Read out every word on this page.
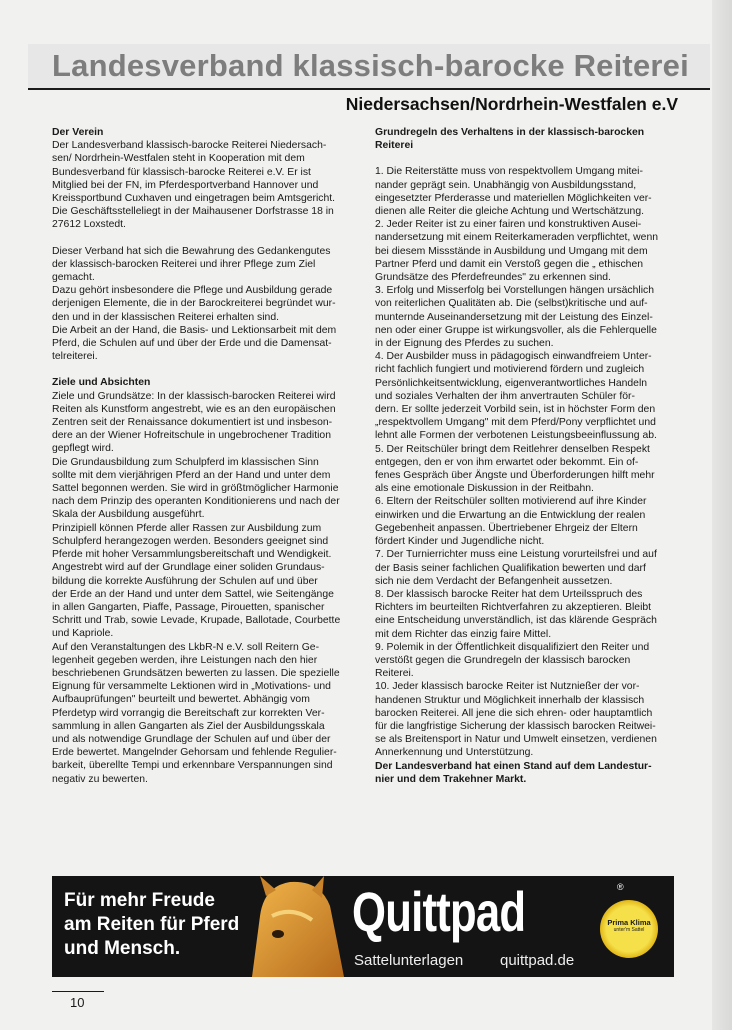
Landesverband klassisch-barocke Reiterei
Niedersachsen/Nordrhein-Westfalen e.V

Der Verein

Der Landesverband klassisch-barocke Reiterei Niedersach-
sen/ Nordrhein-Westfalen steht in Kooperation mit dem
Bundesverband für klassisch-barocke Reiterei e.V. Er ist
Mitglied bei der FN, im Pferdesportverband Hannover und
Kreissportbund Cuxhaven und eingetragen beim Amtsgericht.
Die Geschäftsstelleliegt in der Maihausener Dorfstrasse 18 in
27612 Loxstedt.

Dieser Verband hat sich die Bewahrung des Gedankengutes
der klassisch-barocken Reiterei und ihrer Pflege zum Ziel
gemacht.
Dazu gehört insbesondere die Pflege und Ausbildung gerade
derjenigen Elemente, die in der Barockreiterei begründet wur-
den und in der klassischen Reiterei erhalten sind.
Die Arbeit an der Hand, die Basis- und Lektionsarbeit mit dem
Pferd, die Schulen auf und über der Erde und die Damensat-
telreiterei.

Ziele und Absichten

Ziele und Grundsätze: In der klassisch-barocken Reiterei wird
Reiten als Kunstform angestrebt, wie es an den europäischen
Zentren seit der Renaissance dokumentiert ist und insbeson-
dere an der Wiener Hofreitschule in ungebrochener Tradition
gepflegt wird.
Die Grundausbildung zum Schulpferd im klassischen Sinn
sollte mit dem vierjährigen Pferd an der Hand und unter dem
Sattel begonnen werden. Sie wird in größtmöglicher Harmonie
nach dem Prinzip des operanten Konditionierens und nach der
Skala der Ausbildung ausgeführt.
Prinzipiell können Pferde aller Rassen zur Ausbildung zum
Schulpferd herangezogen werden. Besonders geeignet sind
Pferde mit hoher Versammlungsbereitschaft und Wendigkeit.
Angestrebt wird auf der Grundlage einer soliden Grundaus-
bildung die korrekte Ausführung der Schulen auf und über
der Erde an der Hand und unter dem Sattel, wie Seitengänge
in allen Gangarten, Piaffe, Passage, Pirouetten, spanischer
Schritt und Trab, sowie Levade, Krupade, Ballotade, Courbette
und Kapriole.
Auf den Veranstaltungen des LkbR-N e.V. soll Reitern Ge-
legenheit gegeben werden, ihre Leistungen nach den hier
beschriebenen Grundsätzen bewerten zu lassen. Die spezielle
Eignung für versammelte Lektionen wird in „Motivations- und
Aufbauprüfungen" beurteilt und bewertet. Abhängig vom
Pferdetyp wird vorrangig die Bereitschaft zur korrekten Ver-
sammlung in allen Gangarten als Ziel der Ausbildungsskala
und als notwendige Grundlage der Schulen auf und über der
Erde bewertet. Mangelnder Gehorsam und fehlende Regulier-
barkeit, überellte Tempi und erkennbare Verspannungen sind
negativ zu bewerten.

Grundregeln des Verhaltens in der klassisch-barocken
Reiterei

1. Die Reiterstätte muss von respektvollem Umgang mitei-
nander geprägt sein. Unabhängig von Ausbildungsstand,
eingesetzter Pferderasse und materiellen Möglichkeiten ver-
dienen alle Reiter die gleiche Achtung und Wertschätzung.
2. Jeder Reiter ist zu einer fairen und konstruktiven Ausei-
nandersetzung mit einem Reiterkameraden verpflichtet, wenn
bei diesem Missstände in Ausbildung und Umgang mit dem
Partner Pferd und damit ein Verstoß gegen die „ ethischen
Grundsätze des Pferdefreundes" zu erkennen sind.
3. Erfolg und Misserfolg bei Vorstellungen hängen ursächlich
von reiterlichen Qualitäten ab. Die (selbst)kritische und auf-
munternde Auseinandersetzung mit der Leistung des Einzel-
nen oder einer Gruppe ist wirkungsvoller, als die Fehlerquelle
in der Eignung des Pferdes zu suchen.
4. Der Ausbilder muss in pädagogisch einwandfreiem Unter-
richt fachlich fungiert und motivierend fördern und zugleich
Persönlichkeitsentwicklung, eigenverantwortliches Handeln
und soziales Verhalten der ihm anvertrauten Schüler för-
dern. Er sollte jederzeit Vorbild sein, ist in höchster Form den
„respektvollem Umgang" mit dem Pferd/Pony verpflichtet und
lehnt alle Formen der verbotenen Leistungsbeeinflussung ab.
5. Der Reitschüler bringt dem Reitlehrer denselben Respekt
entgegen, den er von ihm erwartet oder bekommt. Ein of-
fenes Gespräch über Ängste und Überforderungen hilft mehr
als eine emotionale Diskussion in der Reitbahn.
6. Eltern der Reitschüler sollten motivierend auf ihre Kinder
einwirken und die Erwartung an die Entwicklung der realen
Gegebenheit anpassen. Übertriebener Ehrgeiz der Eltern
fördert Kinder und Jugendliche nicht.
7. Der Turnierrichter muss eine Leistung vorurteilsfrei und auf
der Basis seiner fachlichen Qualifikation bewerten und darf
sich nie dem Verdacht der Befangenheit aussetzen.
8. Der klassisch barocke Reiter hat dem Urteilsspruch des
Richters im beurteilten Richtverfahren zu akzeptieren. Bleibt
eine Entscheidung unverständlich, ist das klärende Gespräch
mit dem Richter das einzig faire Mittel.
9. Polemik in der Öffentlichkeit disqualifiziert den Reiter und
verstößt gegen die Grundregeln der klassisch barocken
Reiterei.
10. Jeder klassisch barocke Reiter ist Nutznießer der vor-
handenen Struktur und Möglichkeit innerhalb der klassisch
barocken Reiterei. All jene die sich ehren- oder hauptamtlich
für die langfristige Sicherung der klassisch barocken Reitwei-
se als Breitensport in Natur und Umwelt einsetzen, verdienen
Annerkennung und Unterstützung.

Der Landesverband hat einen Stand auf dem Landestur-
nier und dem Trakehner Markt.

Für mehr Freude
am Reiten für Pferd
und Mensch.
Quittpad	®
Sattelunterlagen quittpad.de
Prima Klima
unter'm Sattel
10
